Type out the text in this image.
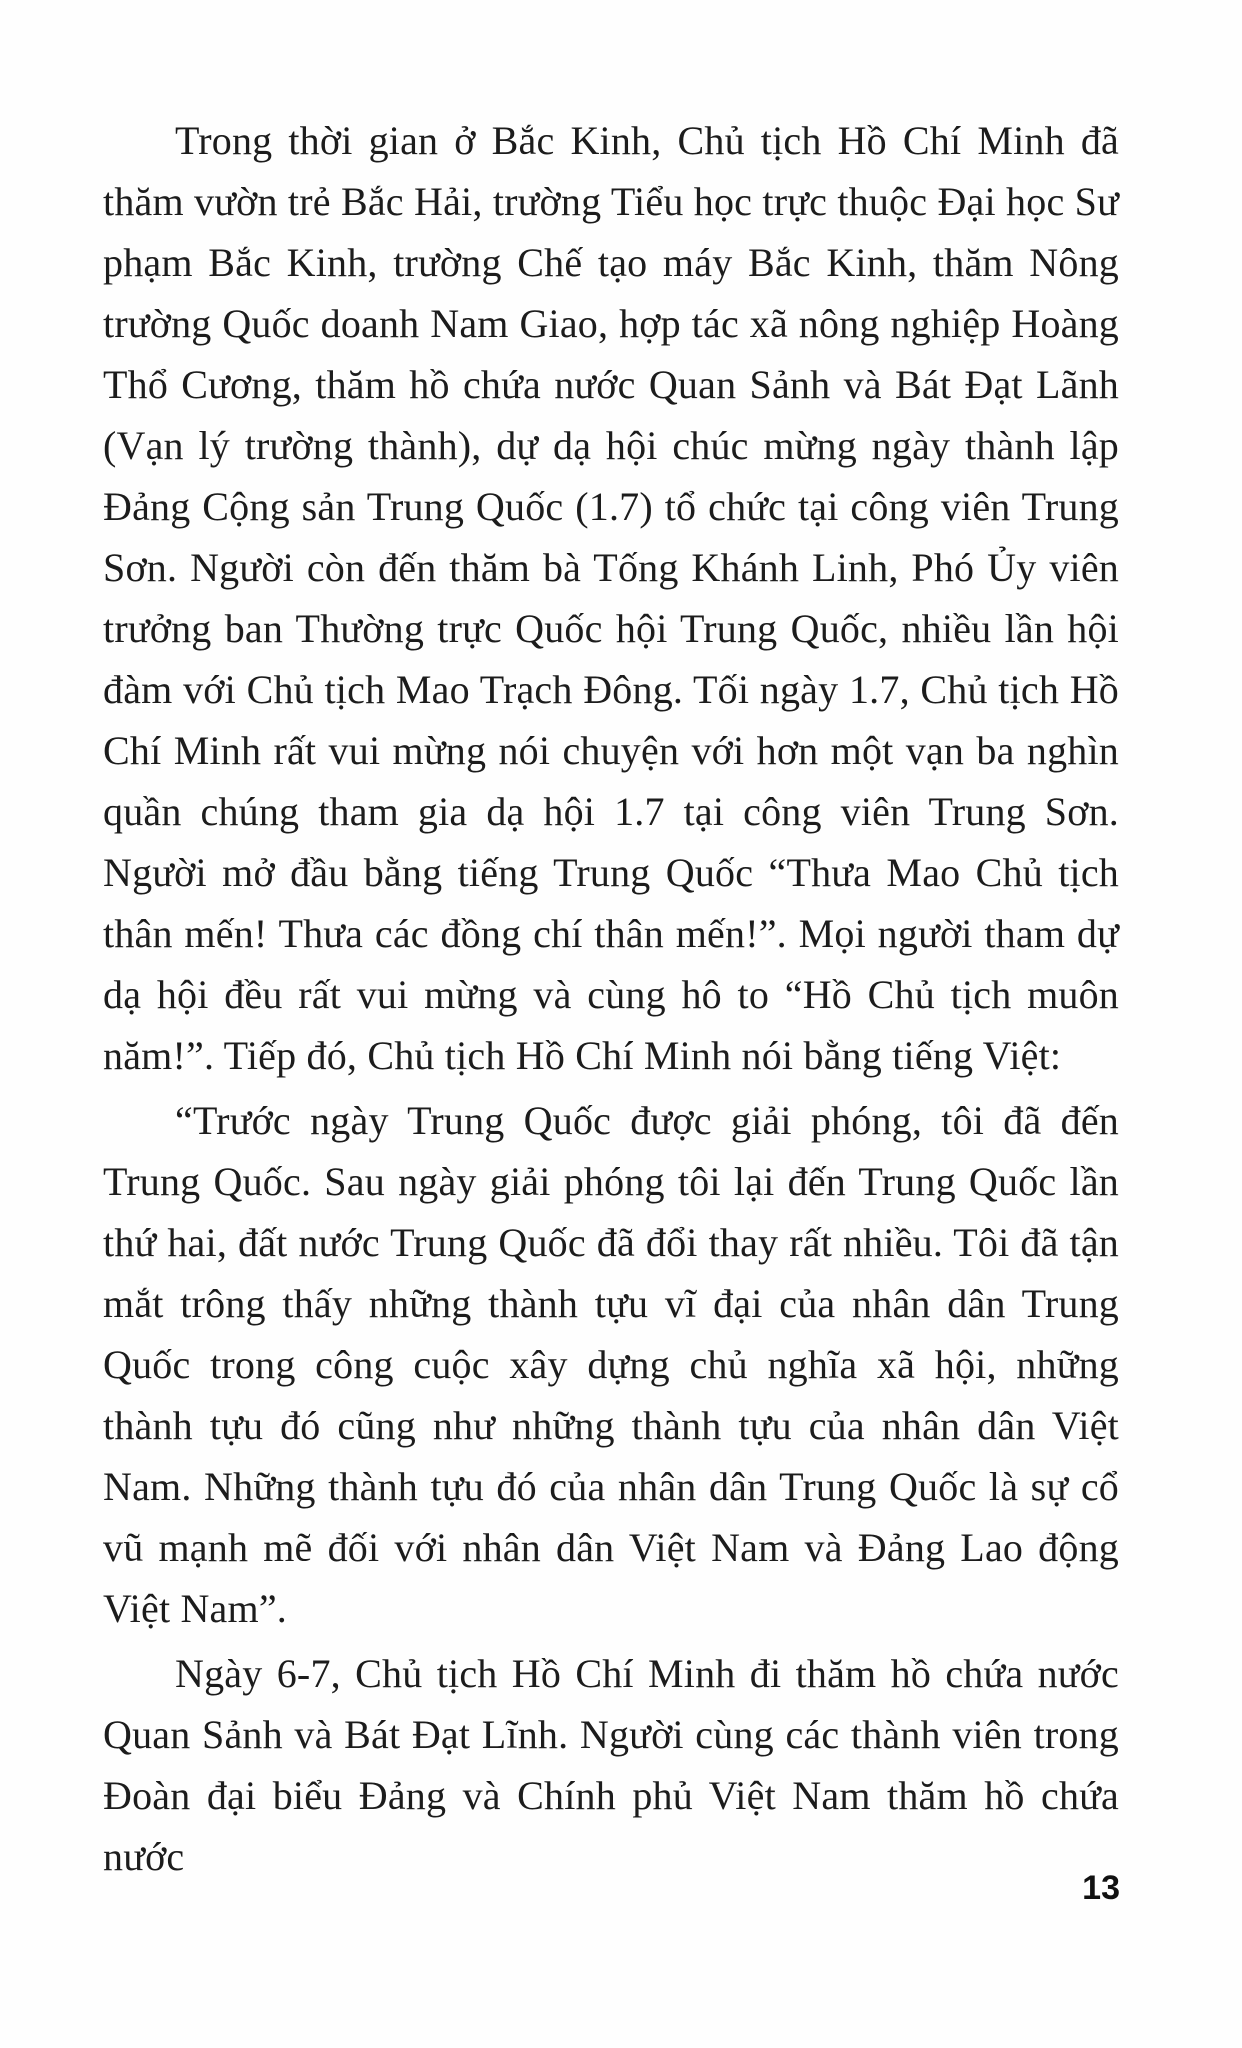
Trong thời gian ở Bắc Kinh, Chủ tịch Hồ Chí Minh đã thăm vườn trẻ Bắc Hải, trường Tiểu học trực thuộc Đại học Sư phạm Bắc Kinh, trường Chế tạo máy Bắc Kinh, thăm Nông trường Quốc doanh Nam Giao, hợp tác xã nông nghiệp Hoàng Thổ Cương, thăm hồ chứa nước Quan Sảnh và Bát Đạt Lãnh (Vạn lý trường thành), dự dạ hội chúc mừng ngày thành lập Đảng Cộng sản Trung Quốc (1.7) tổ chức tại công viên Trung Sơn. Người còn đến thăm bà Tống Khánh Linh, Phó Ủy viên trưởng ban Thường trực Quốc hội Trung Quốc, nhiều lần hội đàm với Chủ tịch Mao Trạch Đông. Tối ngày 1.7, Chủ tịch Hồ Chí Minh rất vui mừng nói chuyện với hơn một vạn ba nghìn quần chúng tham gia dạ hội 1.7 tại công viên Trung Sơn. Người mở đầu bằng tiếng Trung Quốc “Thưa Mao Chủ tịch thân mến! Thưa các đồng chí thân mến!”. Mọi người tham dự dạ hội đều rất vui mừng và cùng hô to “Hồ Chủ tịch muôn năm!”. Tiếp đó, Chủ tịch Hồ Chí Minh nói bằng tiếng Việt:

“Trước ngày Trung Quốc được giải phóng, tôi đã đến Trung Quốc. Sau ngày giải phóng tôi lại đến Trung Quốc lần thứ hai, đất nước Trung Quốc đã đổi thay rất nhiều. Tôi đã tận mắt trông thấy những thành tựu vĩ đại của nhân dân Trung Quốc trong công cuộc xây dựng chủ nghĩa xã hội, những thành tựu đó cũng như những thành tựu của nhân dân Việt Nam. Những thành tựu đó của nhân dân Trung Quốc là sự cổ vũ mạnh mẽ đối với nhân dân Việt Nam và Đảng Lao động Việt Nam”.

Ngày 6-7, Chủ tịch Hồ Chí Minh đi thăm hồ chứa nước Quan Sảnh và Bát Đạt Lĩnh. Người cùng các thành viên trong Đoàn đại biểu Đảng và Chính phủ Việt Nam thăm hồ chứa nước

13
